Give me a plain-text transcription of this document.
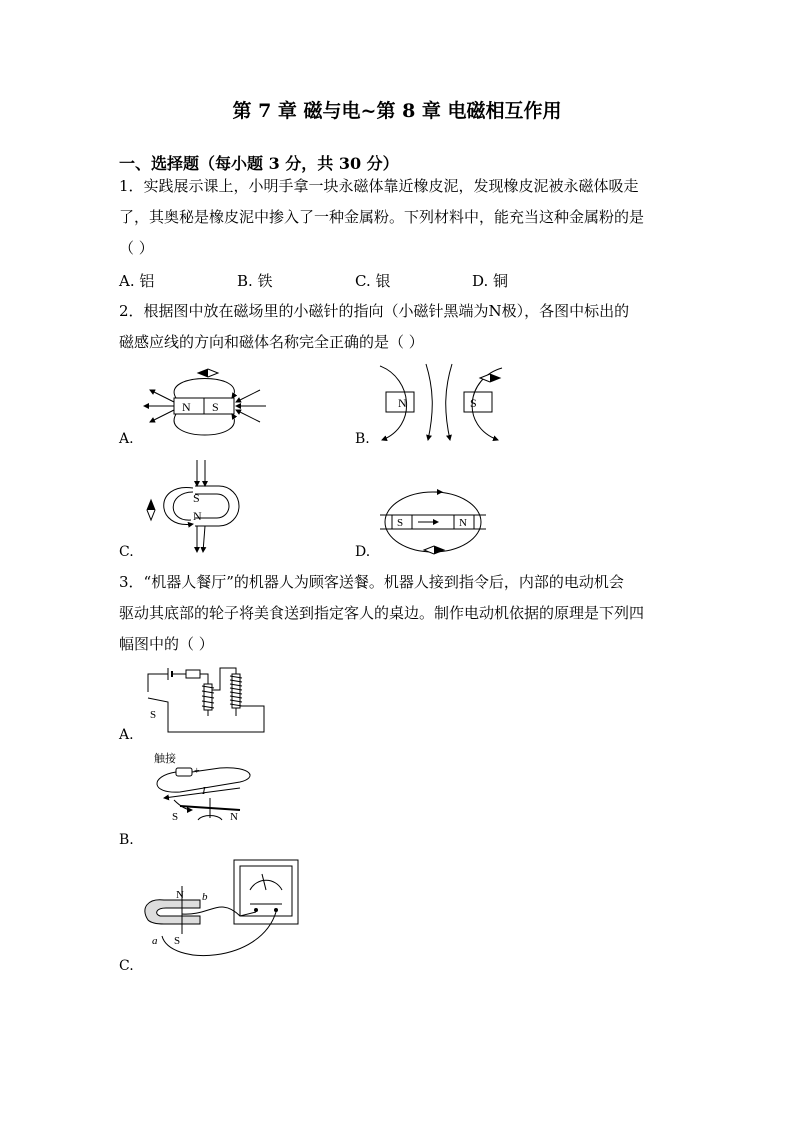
第 7 章 磁与电~第 8 章 电磁相互作用
一、选择题（每小题 3 分，共 30 分）
1．实践展示课上，小明手拿一块永磁体靠近橡皮泥，发现橡皮泥被永磁体吸走
了，其奥秘是橡皮泥中掺入了一种金属粉。下列材料中，能充当这种金属粉的是
（ ）
A. 铝	B. 铁	C. 银	D. 铜
2．根据图中放在磁场里的小磁针的指向（小磁针黑端为N极），各图中标出的
磁感应线的方向和磁体名称完全正确的是（ ）
N S
A.
N	S
B.
S
N
C.
S	N
D.
3．“机器人餐厅”的机器人为顾客送餐。机器人接到指令后，内部的电动机会
驱动其底部的轮子将美食送到指定客人的桌边。制作电动机依据的原理是下列四
幅图中的（ ）
S
A.
触接
+
I
S	N
B.
N
S
b
a
C.
